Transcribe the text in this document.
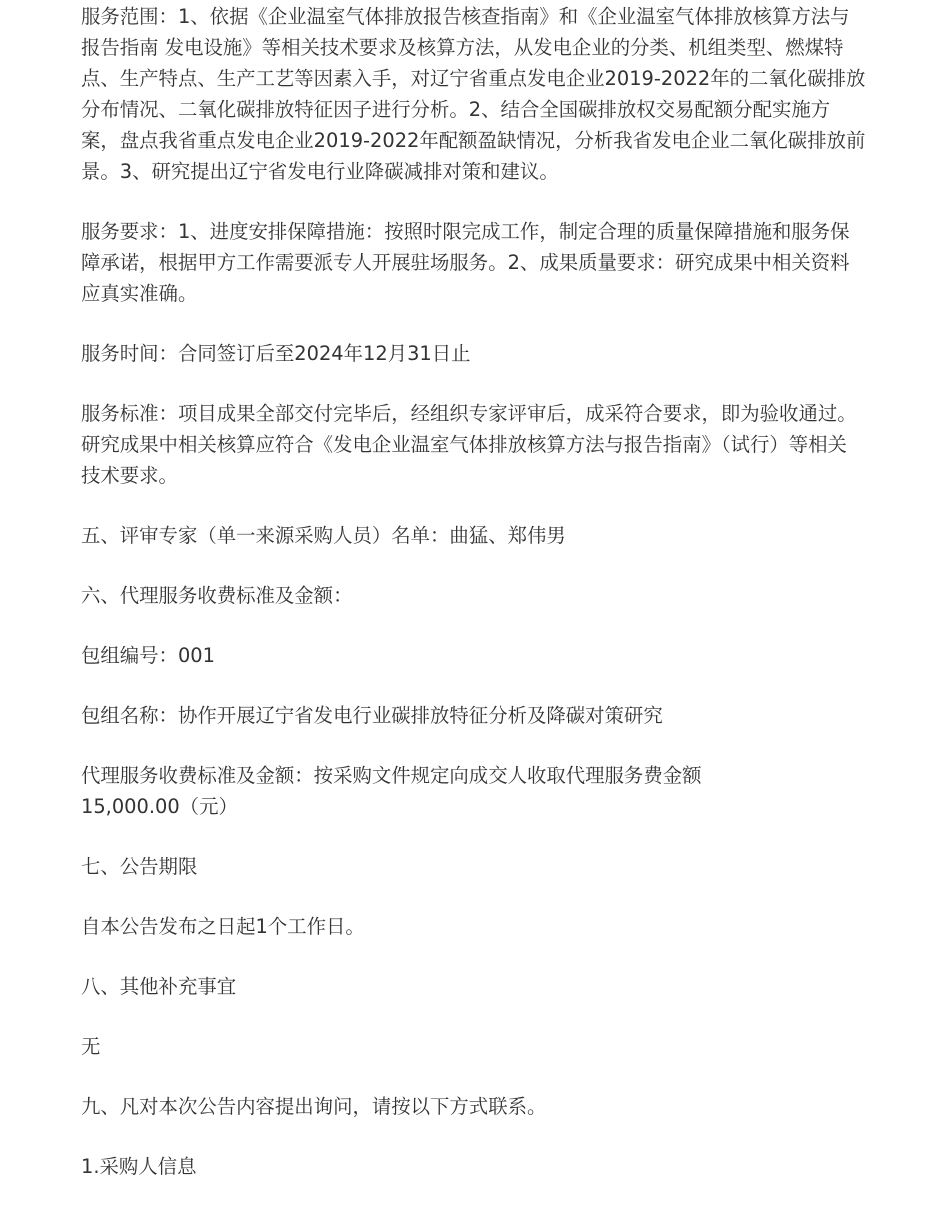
服务范围：1、依据《企业温室气体排放报告核查指南》和《企业温室气体排放核算方法与报告指南 发电设施》等相关技术要求及核算方法，从发电企业的分类、机组类型、燃煤特点、生产特点、生产工艺等因素入手，对辽宁省重点发电企业2019-2022年的二氧化碳排放分布情况、二氧化碳排放特征因子进行分析。2、结合全国碳排放权交易配额分配实施方案，盘点我省重点发电企业2019-2022年配额盈缺情况，分析我省发电企业二氧化碳排放前景。3、研究提出辽宁省发电行业降碳减排对策和建议。

服务要求：1、进度安排保障措施：按照时限完成工作，制定合理的质量保障措施和服务保障承诺，根据甲方工作需要派专人开展驻场服务。2、成果质量要求：研究成果中相关资料应真实准确。

服务时间：合同签订后至2024年12月31日止

服务标准：项目成果全部交付完毕后，经组织专家评审后，成采符合要求，即为验收通过。研究成果中相关核算应符合《发电企业温室气体排放核算方法与报告指南》（试行）等相关技术要求。

五、评审专家（单一来源采购人员）名单：曲猛、郑伟男

六、代理服务收费标准及金额：

包组编号：001

包组名称：协作开展辽宁省发电行业碳排放特征分析及降碳对策研究

代理服务收费标准及金额：按采购文件规定向成交人收取代理服务费金额

15,000.00（元）

七、公告期限

自本公告发布之日起1个工作日。

八、其他补充事宜

无

九、凡对本次公告内容提出询问，请按以下方式联系。

1.采购人信息
